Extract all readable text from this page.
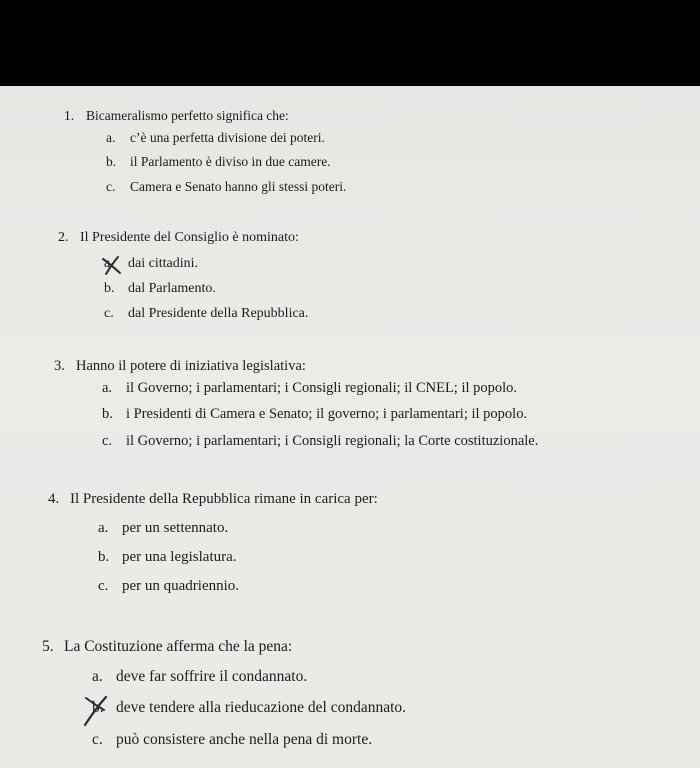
1. Bicameralismo perfetto significa che:
a. c’è una perfetta divisione dei poteri.
b. il Parlamento è diviso in due camere.
c. Camera e Senato hanno gli stessi poteri.
2. Il Presidente del Consiglio è nominato:
a. dai cittadini.
b. dal Parlamento.
c. dal Presidente della Repubblica.
3. Hanno il potere di iniziativa legislativa:
a. il Governo; i parlamentari; i Consigli regionali; il CNEL; il popolo.
b. i Presidenti di Camera e Senato; il governo; i parlamentari; il popolo.
c. il Governo; i parlamentari; i Consigli regionali; la Corte costituzionale.
4. Il Presidente della Repubblica rimane in carica per:
a. per un settennato.
b. per una legislatura.
c. per un quadriennio.
5. La Costituzione afferma che la pena:
a. deve far soffrire il condannato.
b. deve tendere alla rieducazione del condannato.
c. può consistere anche nella pena di morte.
